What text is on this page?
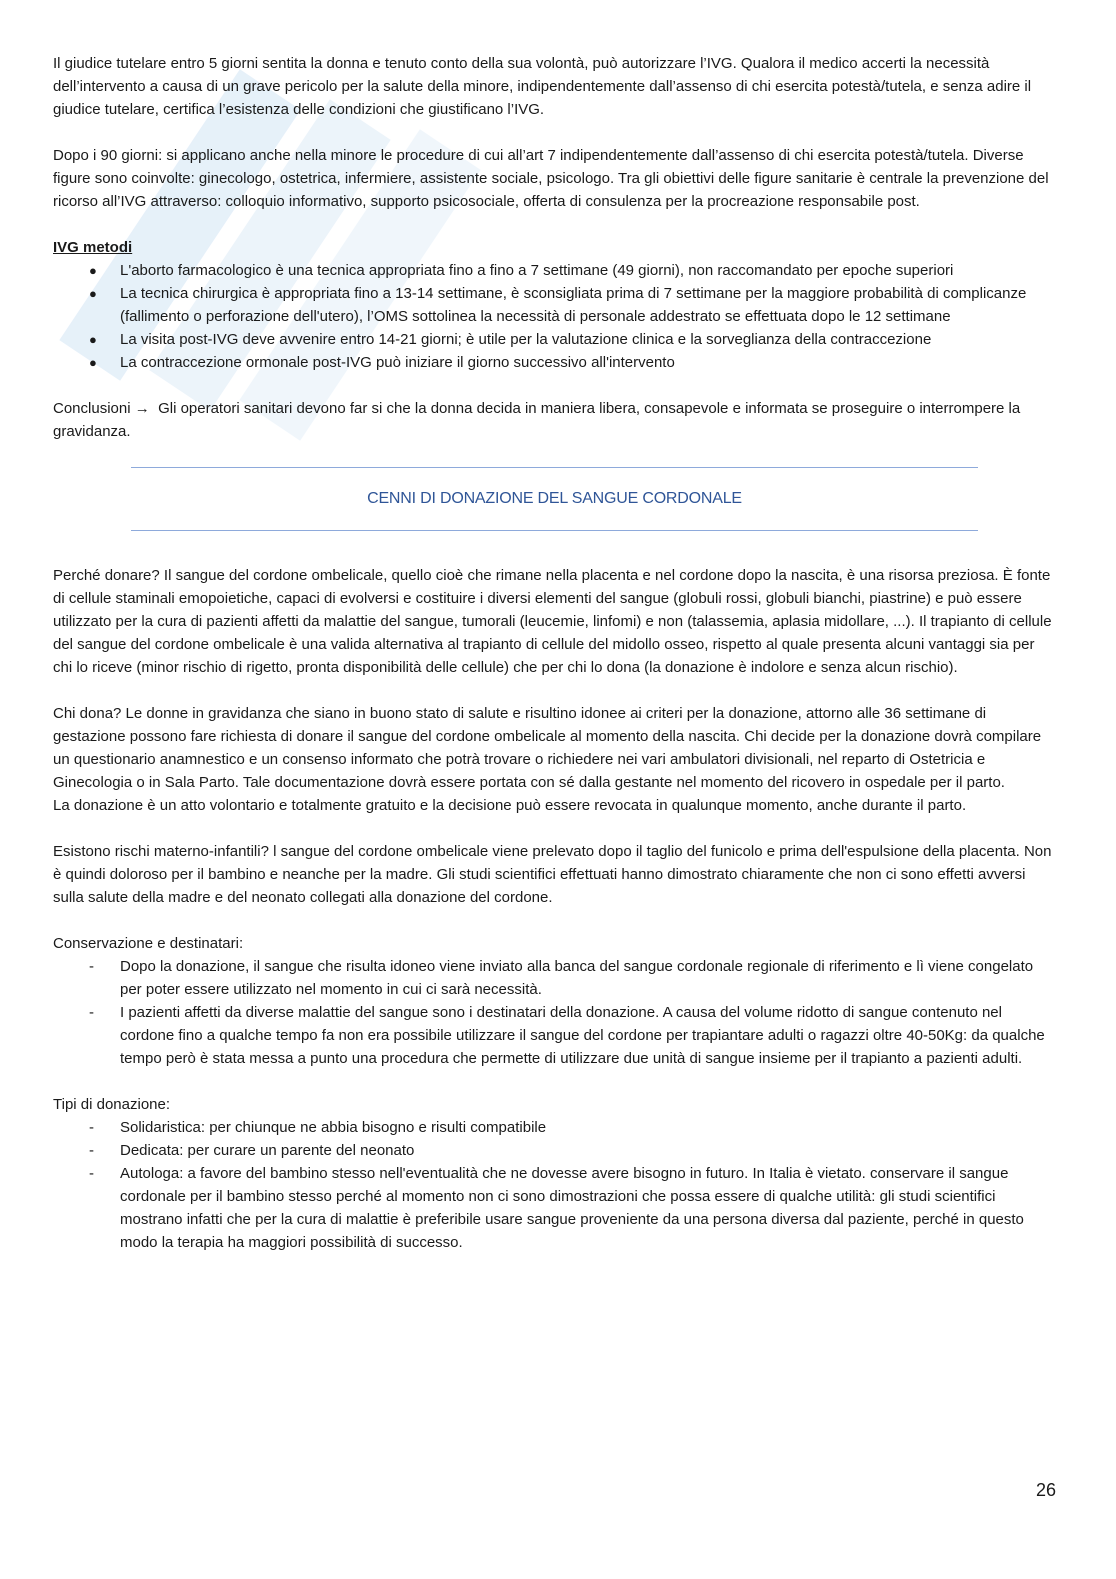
Il giudice tutelare entro 5 giorni sentita la donna e tenuto conto della sua volontà, può autorizzare l’IVG. Qualora il medico accerti la necessità dell’intervento a causa di un grave pericolo per la salute della minore, indipendentemente dall’assenso di chi esercita potestà/tutela, e senza adire il giudice tutelare, certifica l’esistenza delle condizioni che giustificano l’IVG.

Dopo i 90 giorni: si applicano anche nella minore le procedure di cui all’art 7 indipendentemente dall’assenso di chi esercita potestà/tutela. Diverse figure sono coinvolte: ginecologo, ostetrica, infermiere, assistente sociale, psicologo. Tra gli obiettivi delle figure sanitarie è centrale la prevenzione del ricorso all’IVG attraverso: colloquio informativo, supporto psicosociale, offerta di consulenza per la procreazione responsabile post.

IVG metodi

● L'aborto farmacologico è una tecnica appropriata fino a fino a 7 settimane (49 giorni), non raccomandato per epoche superiori
● La tecnica chirurgica è appropriata fino a 13-14 settimane, è sconsigliata prima di 7 settimane per la maggiore probabilità di complicanze (fallimento o perforazione dell'utero), l’OMS sottolinea la necessità di personale addestrato se effettuata dopo le 12 settimane
● La visita post-IVG deve avvenire entro 14-21 giorni; è utile per la valutazione clinica e la sorveglianza della contraccezione
● La contraccezione ormonale post-IVG può iniziare il giorno successivo all'intervento

Conclusioni → Gli operatori sanitari devono far si che la donna decida in maniera libera, consapevole e informata se proseguire o interrompere la gravidanza.

CENNI DI DONAZIONE DEL SANGUE CORDONALE

Perché donare? Il sangue del cordone ombelicale, quello cioè che rimane nella placenta e nel cordone dopo la nascita, è una risorsa preziosa. È fonte di cellule staminali emopoietiche, capaci di evolversi e costituire i diversi elementi del sangue (globuli rossi, globuli bianchi, piastrine) e può essere utilizzato per la cura di pazienti affetti da malattie del sangue, tumorali (leucemie, linfomi) e non (talassemia, aplasia midollare, ...). Il trapianto di cellule del sangue del cordone ombelicale è una valida alternativa al trapianto di cellule del midollo osseo, rispetto al quale presenta alcuni vantaggi sia per chi lo riceve (minor rischio di rigetto, pronta disponibilità delle cellule) che per chi lo dona (la donazione è indolore e senza alcun rischio).

Chi dona? Le donne in gravidanza che siano in buono stato di salute e risultino idonee ai criteri per la donazione, attorno alle 36 settimane di gestazione possono fare richiesta di donare il sangue del cordone ombelicale al momento della nascita. Chi decide per la donazione dovrà compilare un questionario anamnestico e un consenso informato che potrà trovare o richiedere nei vari ambulatori divisionali, nel reparto di Ostetricia e Ginecologia o in Sala Parto. Tale documentazione dovrà essere portata con sé dalla gestante nel momento del ricovero in ospedale per il parto.

La donazione è un atto volontario e totalmente gratuito e la decisione può essere revocata in qualunque momento, anche durante il parto.

Esistono rischi materno-infantili? l sangue del cordone ombelicale viene prelevato dopo il taglio del funicolo e prima dell'espulsione della placenta. Non è quindi doloroso per il bambino e neanche per la madre. Gli studi scientifici effettuati hanno dimostrato chiaramente che non ci sono effetti avversi sulla salute della madre e del neonato collegati alla donazione del cordone.

Conservazione e destinatari:

- Dopo la donazione, il sangue che risulta idoneo viene inviato alla banca del sangue cordonale regionale di riferimento e lì viene congelato per poter essere utilizzato nel momento in cui ci sarà necessità.
- I pazienti affetti da diverse malattie del sangue sono i destinatari della donazione. A causa del volume ridotto di sangue contenuto nel cordone fino a qualche tempo fa non era possibile utilizzare il sangue del cordone per trapiantare adulti o ragazzi oltre 40-50Kg: da qualche tempo però è stata messa a punto una procedura che permette di utilizzare due unità di sangue insieme per il trapianto a pazienti adulti.

Tipi di donazione:

- Solidaristica: per chiunque ne abbia bisogno e risulti compatibile
- Dedicata: per curare un parente del neonato
- Autologa: a favore del bambino stesso nell'eventualità che ne dovesse avere bisogno in futuro. In Italia è vietato. conservare il sangue cordonale per il bambino stesso perché al momento non ci sono dimostrazioni che possa essere di qualche utilità: gli studi scientifici mostrano infatti che per la cura di malattie è preferibile usare sangue proveniente da una persona diversa dal paziente, perché in questo modo la terapia ha maggiori possibilità di successo.
26
